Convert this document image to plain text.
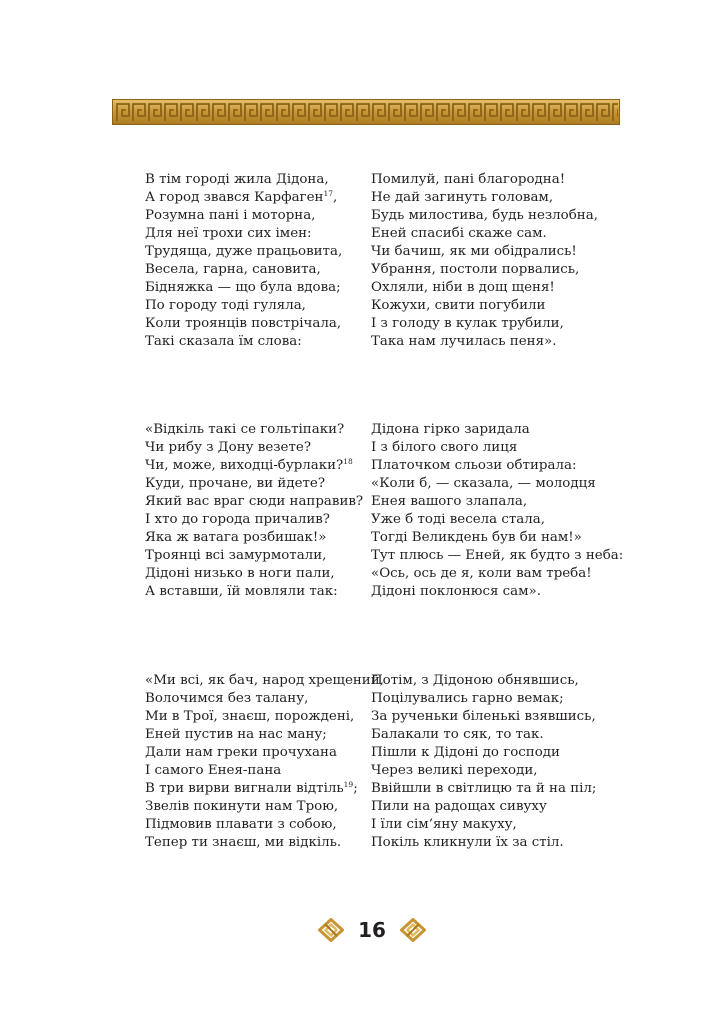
В тім городі жила Дідона,
А город звався Карфаген$^{17}$,
Розумна пані і моторна,
Для неї трохи сих імен:
Трудяща, дуже працьовита,
Весела, гарна, сановита,
Бідняжка — що була вдова;
По городу тоді гуляла,
Коли троянців повстрічала,
Такі сказала їм слова:
Помилуй, пані благородна!
Не дай загинуть головам,
Будь милостива, будь незлобна,
Еней спасибі скаже сам.
Чи бачиш, як ми обідрались!
Убрання, постоли порвались,
Охляли, ніби в дощ щеня!
Кожухи, свити погубили
І з голоду в кулак трубили,
Така нам лучилась пеня».
«Відкіль такі се гольтіпаки?
Чи рибу з Дону везете?
Чи, може, виходці-бурлаки?$^{18}$
Куди, прочане, ви йдете?
Який вас враг сюди направив?
І хто до города причалив?
Яка ж ватага розбишак!»
Троянці всі замурмотали,
Дідоні низько в ноги пали,
А вставши, їй мовляли так:
Дідона гірко заридала
І з білого свого лиця
Платочком сльози обтирала:
«Коли б, — сказала, — молодця
Енея вашого злапала,
Уже б тоді весела стала,
Тогді Великдень був би нам!»
Тут плюсь — Еней, як будто з неба:
«Ось, ось де я, коли вам треба!
Дідоні поклонюся сам».
«Ми всі, як бач, народ хрещений,
Волочимся без талану,
Ми в Трої, знаєш, порождені,
Еней пустив на нас ману;
Дали нам греки прочухана
І самого Енея-пана
В три вирви вигнали відтіль$^{19}$;
Звелів покинути нам Трою,
Підмовив плавати з собою,
Тепер ти знаєш, ми відкіль.
Потім, з Дідоною обнявшись,
Поцілувались гарно вемак;
За рученьки біленькі взявшись,
Балакали то сяк, то так.
Пішли к Дідоні до господи
Через великі переходи,
Ввійшли в світлицю та й на піл;
Пили на радощах сивуху
І їли сім’яну макуху,
Покіль кликнули їх за стіл.
16
